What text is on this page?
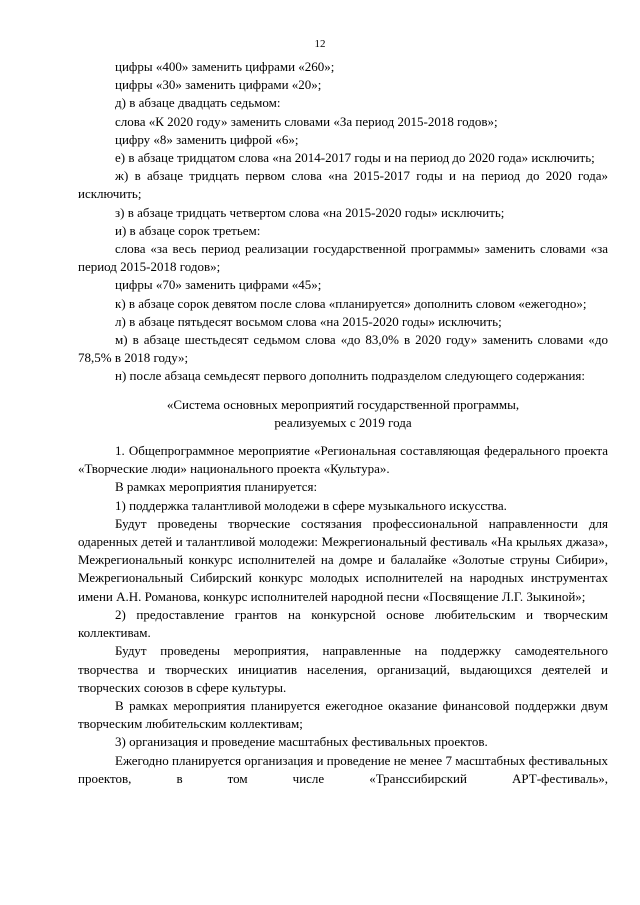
12

цифры «400» заменить цифрами «260»;

цифры «30» заменить цифрами «20»;

д) в абзаце двадцать седьмом:

слова «К 2020 году» заменить словами «За период 2015-2018 годов»;

цифру «8» заменить цифрой «6»;

е) в абзаце тридцатом слова «на 2014-2017 годы и на период до 2020 года» исключить;

ж) в абзаце тридцать первом слова «на 2015-2017 годы и на период до 2020 года» исключить;

з) в абзаце тридцать четвертом слова «на 2015-2020 годы» исключить;

и) в абзаце сорок третьем:

слова «за весь период реализации государственной программы» заменить словами «за период 2015-2018 годов»;

цифры «70» заменить цифрами «45»;

к) в абзаце сорок девятом после слова «планируется» дополнить словом «ежегодно»;

л) в абзаце пятьдесят восьмом слова «на 2015-2020 годы» исключить;

м) в абзаце шестьдесят седьмом слова «до 83,0% в 2020 году» заменить словами «до 78,5% в 2018 году»;

н) после абзаца семьдесят первого дополнить подразделом следующего содержания:

«Система основных мероприятий государственной программы,
реализуемых с 2019 года

1. Общепрограммное мероприятие «Региональная составляющая федерального проекта «Творческие люди» национального проекта «Культура».

В рамках мероприятия планируется:

1) поддержка талантливой молодежи в сфере музыкального искусства.

Будут проведены творческие состязания профессиональной направленности для одаренных детей и талантливой молодежи: Межрегиональный фестиваль «На крыльях джаза», Межрегиональный конкурс исполнителей на домре и балалайке «Золотые струны Сибири», Межрегиональный Сибирский конкурс молодых исполнителей на народных инструментах имени А.Н. Романова, конкурс исполнителей народной песни «Посвящение Л.Г. Зыкиной»;

2) предоставление грантов на конкурсной основе любительским и творческим коллективам.

Будут проведены мероприятия, направленные на поддержку самодеятельного творчества и творческих инициатив населения, организаций, выдающихся деятелей и творческих союзов в сфере культуры.

В рамках мероприятия планируется ежегодное оказание финансовой поддержки двум творческим любительским коллективам;

3) организация и проведение масштабных фестивальных проектов.

Ежегодно планируется организация и проведение не менее 7 масштабных фестивальных проектов, в том числе «Транссибирский АРТ-фестиваль»,
